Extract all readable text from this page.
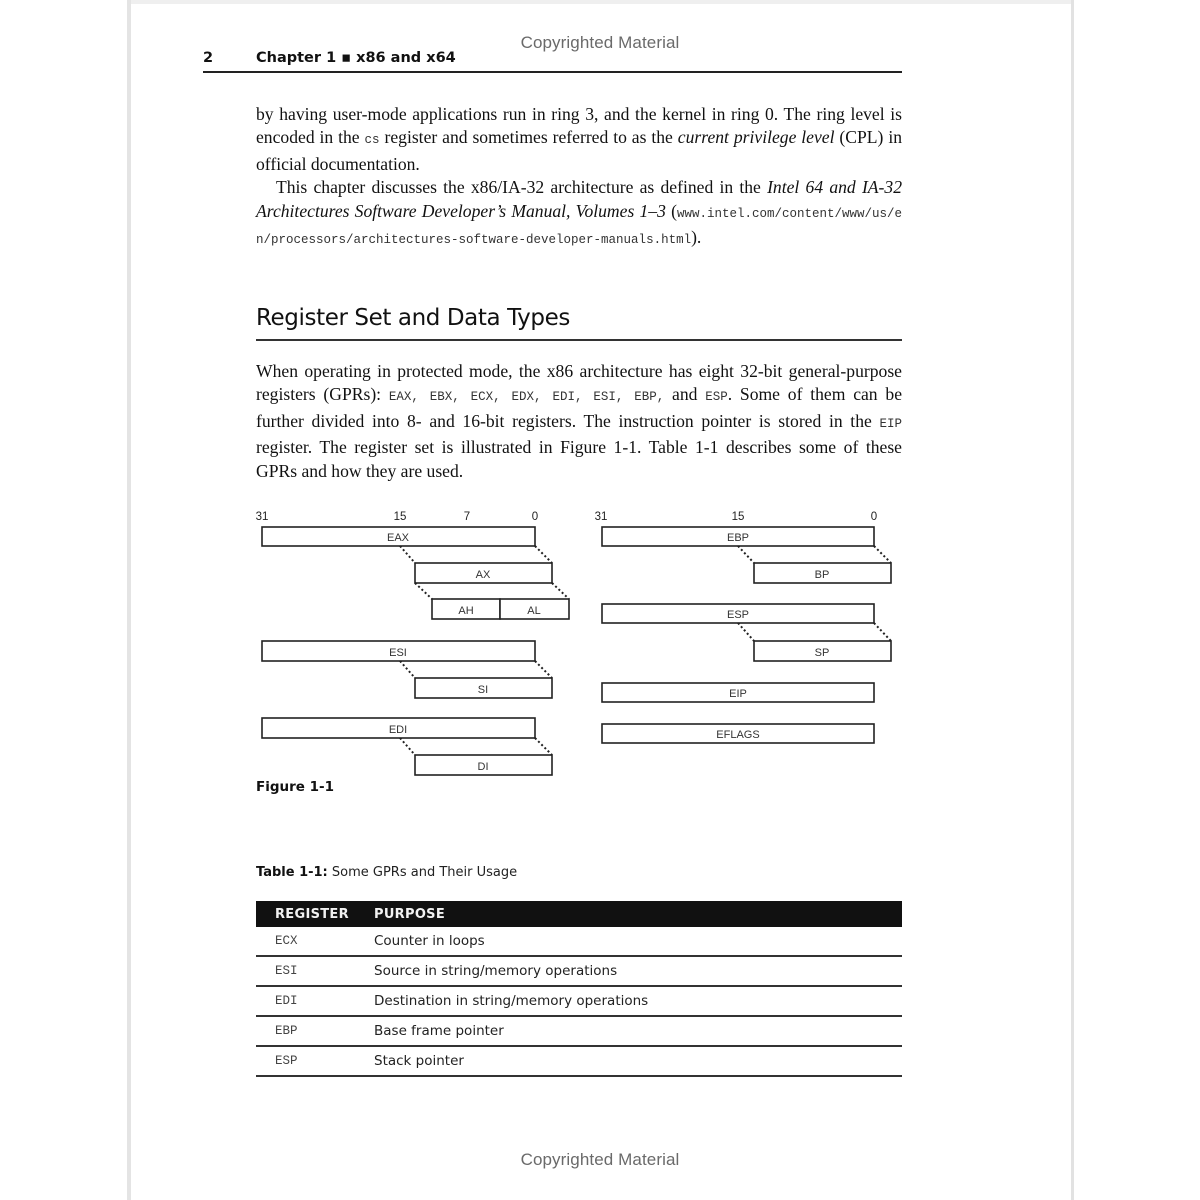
Copyrighted Material
2	Chapter 1 ▪ x86 and x64

by having user-mode applications run in ring 3, and the kernel in ring 0. The ring level is encoded in the cs register and sometimes referred to as the current privilege level (CPL) in official documentation.

This chapter discusses the x86/IA-32 architecture as defined in the Intel 64 and IA-32 Architectures Software Developer’s Manual, Volumes 1–3 (www.intel.com/content/www/us/en/processors/architectures-software-developer-manuals.html).

Register Set and Data Types

When operating in protected mode, the x86 architecture has eight 32-bit general-purpose registers (GPRs): EAX, EBX, ECX, EDX, EDI, ESI, EBP, and ESP. Some of them can be further divided into 8- and 16-bit registers. The instruction pointer is stored in the EIP register. The register set is illustrated in Figure 1-1. Table 1-1 describes some of these GPRs and how they are used.

31	15	7	0	31	15	0
EAX
AX
AH	AL
ESI
SI
EDI
DI
EBP
BP
ESP
SP
EIP
EFLAGS
Figure 1-1
Table 1-1: Some GPRs and Their Usage
REGISTER	PURPOSE
ECX	Counter in loops
ESI	Source in string/memory operations
EDI	Destination in string/memory operations
EBP	Base frame pointer
ESP	Stack pointer
Copyrighted Material
